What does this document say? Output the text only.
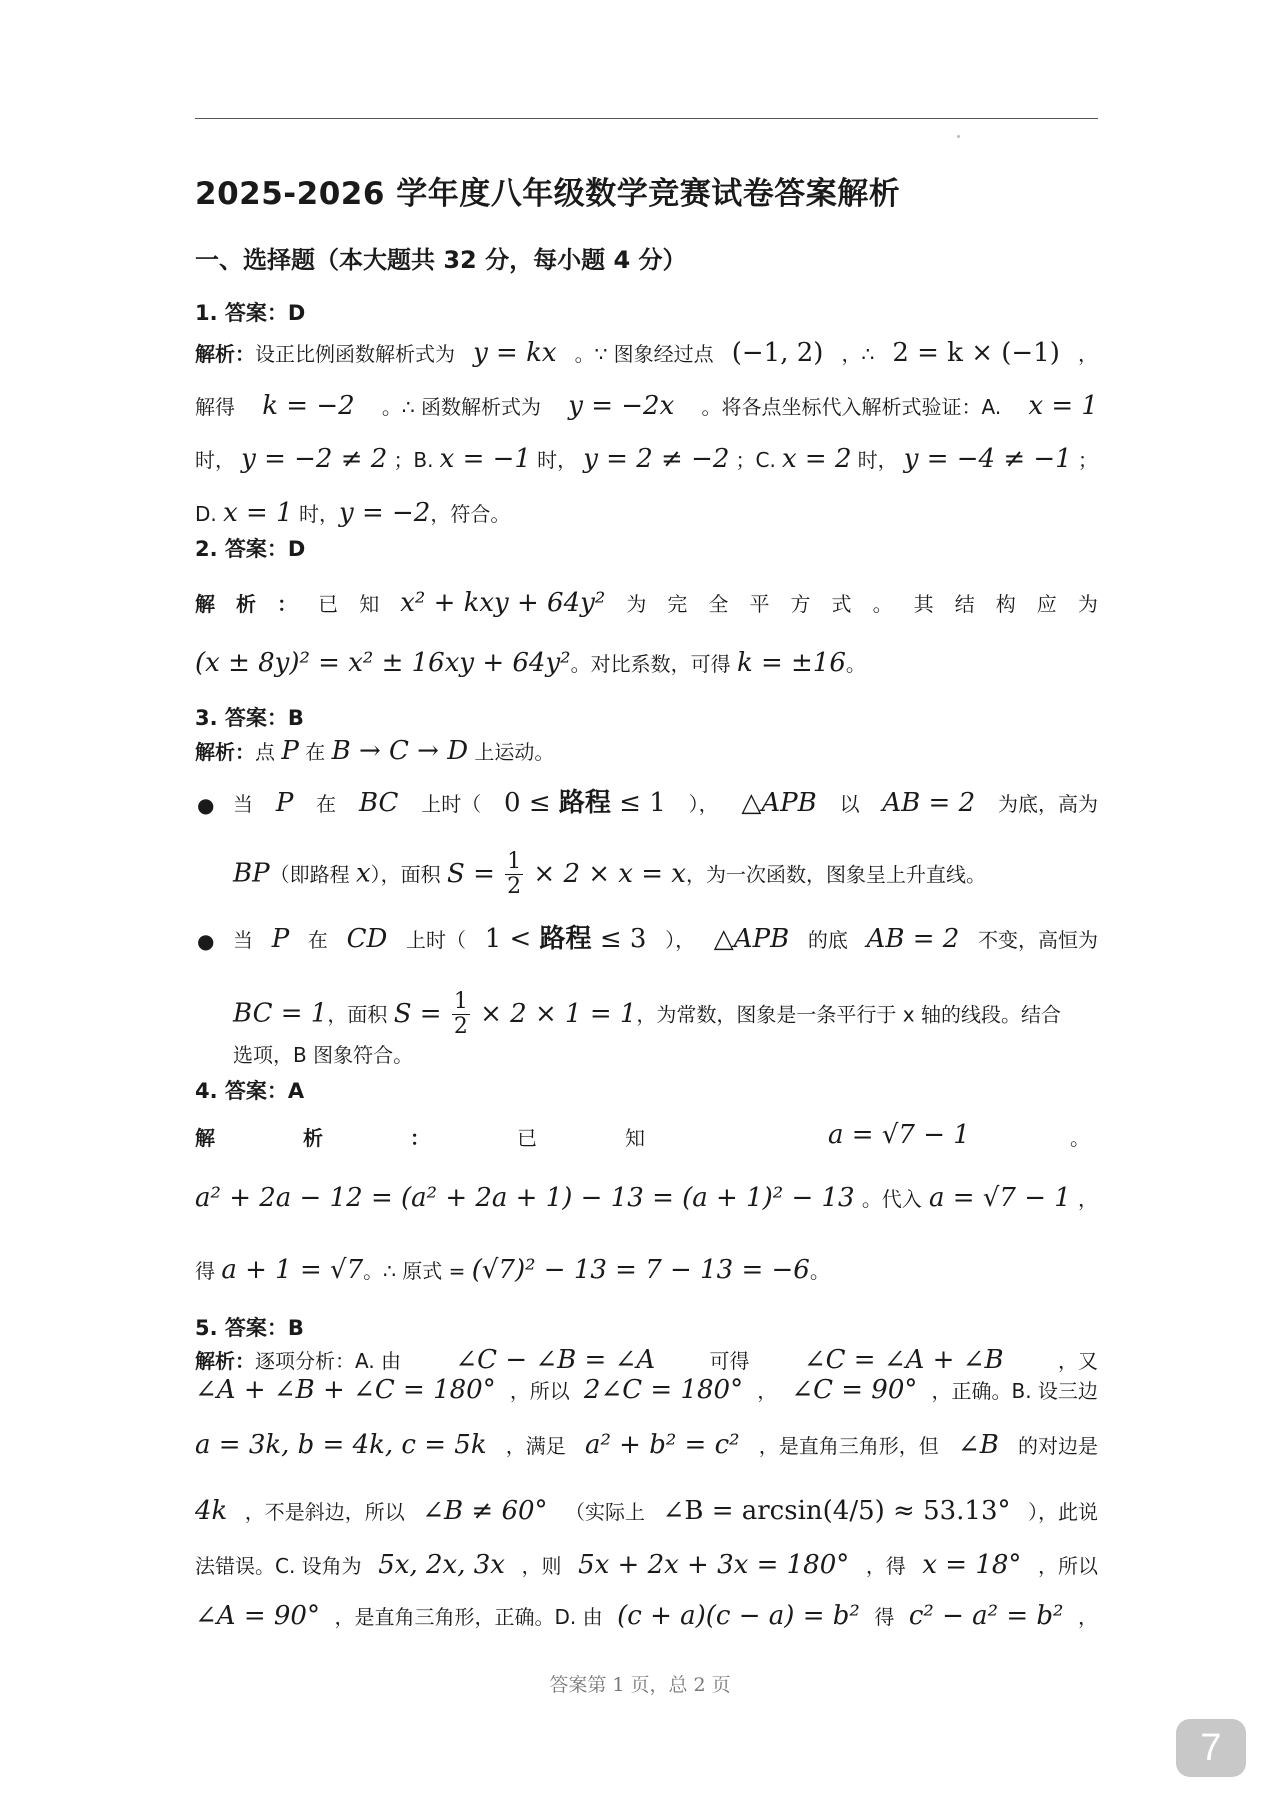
2025-2026 学年度八年级数学竞赛试卷答案解析
一、选择题（本大题共 32 分，每小题 4 分）
1. 答案：D
解析：设正比例函数解析式为 y = kx 。∵ 图象经过点 (−1, 2) ，∴ 2 = k × (−1) ，
解得 k = −2 。∴ 函数解析式为 y = −2x 。将各点坐标代入解析式验证：A. x = 1
时， y = −2 ≠ 2 ；B. x = −1 时， y = 2 ≠ −2 ；C. x = 2 时， y = −4 ≠ −1 ；
D. x = 1 时，y = −2，符合。
2. 答案：D
解 析 ： 已 知 x² + kxy + 64y² 为 完 全 平 方 式 。 其 结 构 应 为
(x ± 8y)² = x² ± 16xy + 64y²。对比系数，可得 k = ±16。
3. 答案：B
解析：点 P 在 B → C → D 上运动。
● 当 P 在 BC 上时（ 0 ≤ 路程 ≤ 1 ）， △APB 以 AB = 2 为底，高为
BP（即路程 x），面积 $S = \frac{1}{2} \times 2 \times x = x$，为一次函数，图象呈上升直线。
● 当 P 在 CD 上时（ 1 < 路程 ≤ 3 ）， △APB 的底 AB = 2 不变，高恒为
BC = 1，面积 $S = \frac{1}{2} \times 2 \times 1 = 1$，为常数，图象是一条平行于 x 轴的线段。结合
选项，B 图象符合。
4. 答案：A
解	析	：	已	知	a = √7 − 1	。
a² + 2a − 12 = (a² + 2a + 1) − 13 = (a + 1)² − 13 。代入 a = √7 − 1 ，
得 a + 1 = √7。∴ 原式 = (√7)² − 13 = 7 − 13 = −6。
5. 答案：B
解析：逐项分析：A. 由 ∠C − ∠B = ∠A	可得 ∠C = ∠A + ∠B	，又
∠A + ∠B + ∠C = 180° ，所以 2∠C = 180° ， ∠C = 90° ，正确。B. 设三边
a = 3k, b = 4k, c = 5k ，满足 a² + b² = c² ，是直角三角形，但 ∠B 的对边是
4k ，不是斜边，所以 ∠B ≠ 60° （实际上 ∠B = arcsin(4/5) ≈ 53.13° ），此说
法错误。C. 设角为 5x, 2x, 3x ，则 5x + 2x + 3x = 180° ，得 x = 18° ，所以
∠A = 90° ，是直角三角形，正确。D. 由 (c + a)(c − a) = b² 得 c² − a² = b² ，
答案第 1 页，总 2 页
7
